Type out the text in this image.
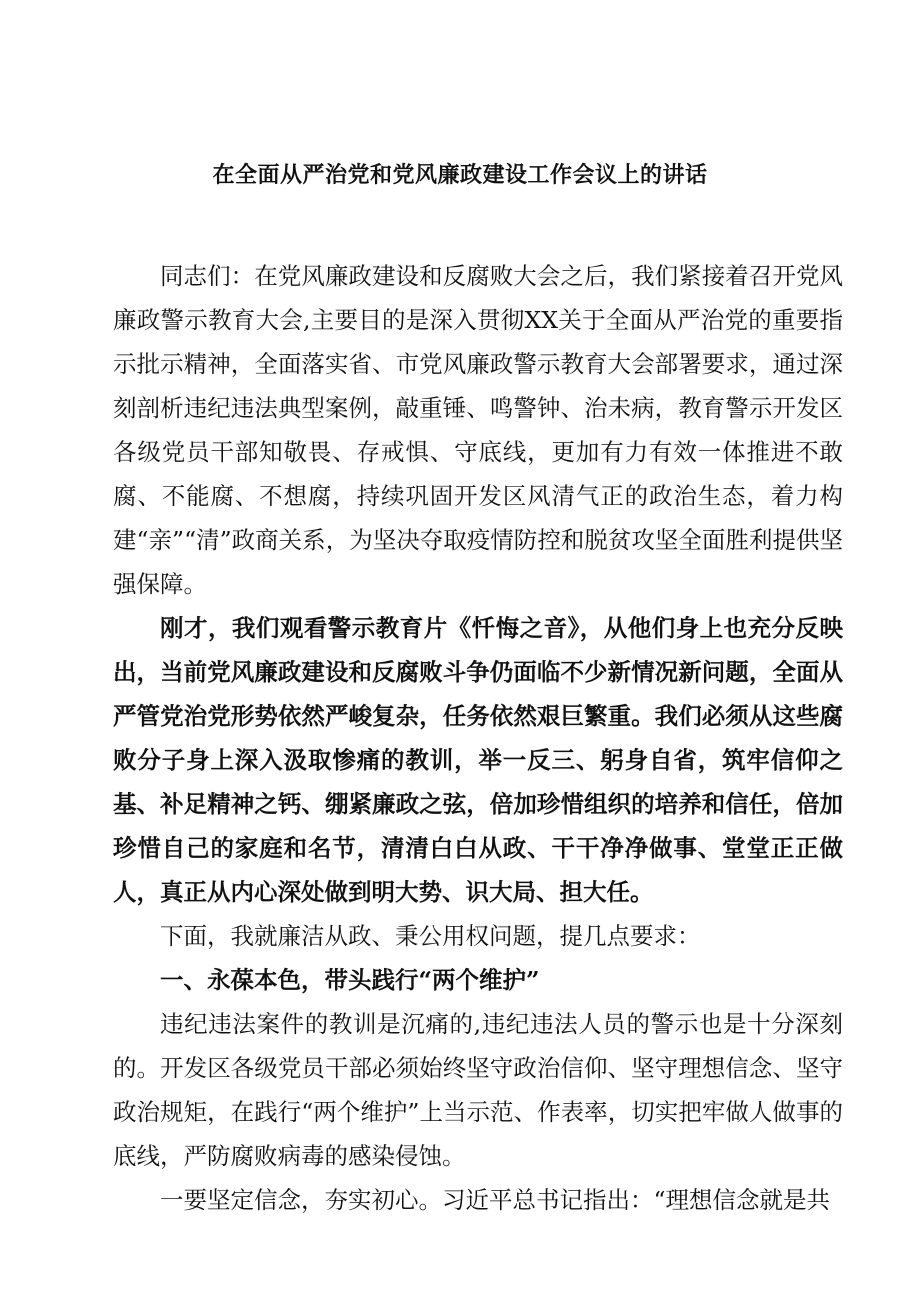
在全面从严治党和党风廉政建设工作会议上的讲话

同志们：在党风廉政建设和反腐败大会之后，我们紧接着召开党风廉政警示教育大会,主要目的是深入贯彻XX关于全面从严治党的重要指示批示精神，全面落实省、市党风廉政警示教育大会部署要求，通过深刻剖析违纪违法典型案例，敲重锤、鸣警钟、治未病，教育警示开发区各级党员干部知敬畏、存戒惧、守底线，更加有力有效一体推进不敢腐、不能腐、不想腐，持续巩固开发区风清气正的政治生态，着力构建“亲”“清”政商关系，为坚决夺取疫情防控和脱贫攻坚全面胜利提供坚强保障。

刚才，我们观看警示教育片《忏悔之音》，从他们身上也充分反映出，当前党风廉政建设和反腐败斗争仍面临不少新情况新问题，全面从严管党治党形势依然严峻复杂，任务依然艰巨繁重。我们必须从这些腐败分子身上深入汲取惨痛的教训，举一反三、躬身自省，筑牢信仰之基、补足精神之钙、绷紧廉政之弦，倍加珍惜组织的培养和信任，倍加珍惜自己的家庭和名节，清清白白从政、干干净净做事、堂堂正正做人，真正从内心深处做到明大势、识大局、担大任。

下面，我就廉洁从政、秉公用权问题，提几点要求：

一、永葆本色，带头践行“两个维护”

违纪违法案件的教训是沉痛的,违纪违法人员的警示也是十分深刻的。开发区各级党员干部必须始终坚守政治信仰、坚守理想信念、坚守政治规矩，在践行“两个维护”上当示范、作表率，切实把牢做人做事的底线，严防腐败病毒的感染侵蚀。

一要坚定信念，夯实初心。习近平总书记指出：“理想信念就是共
